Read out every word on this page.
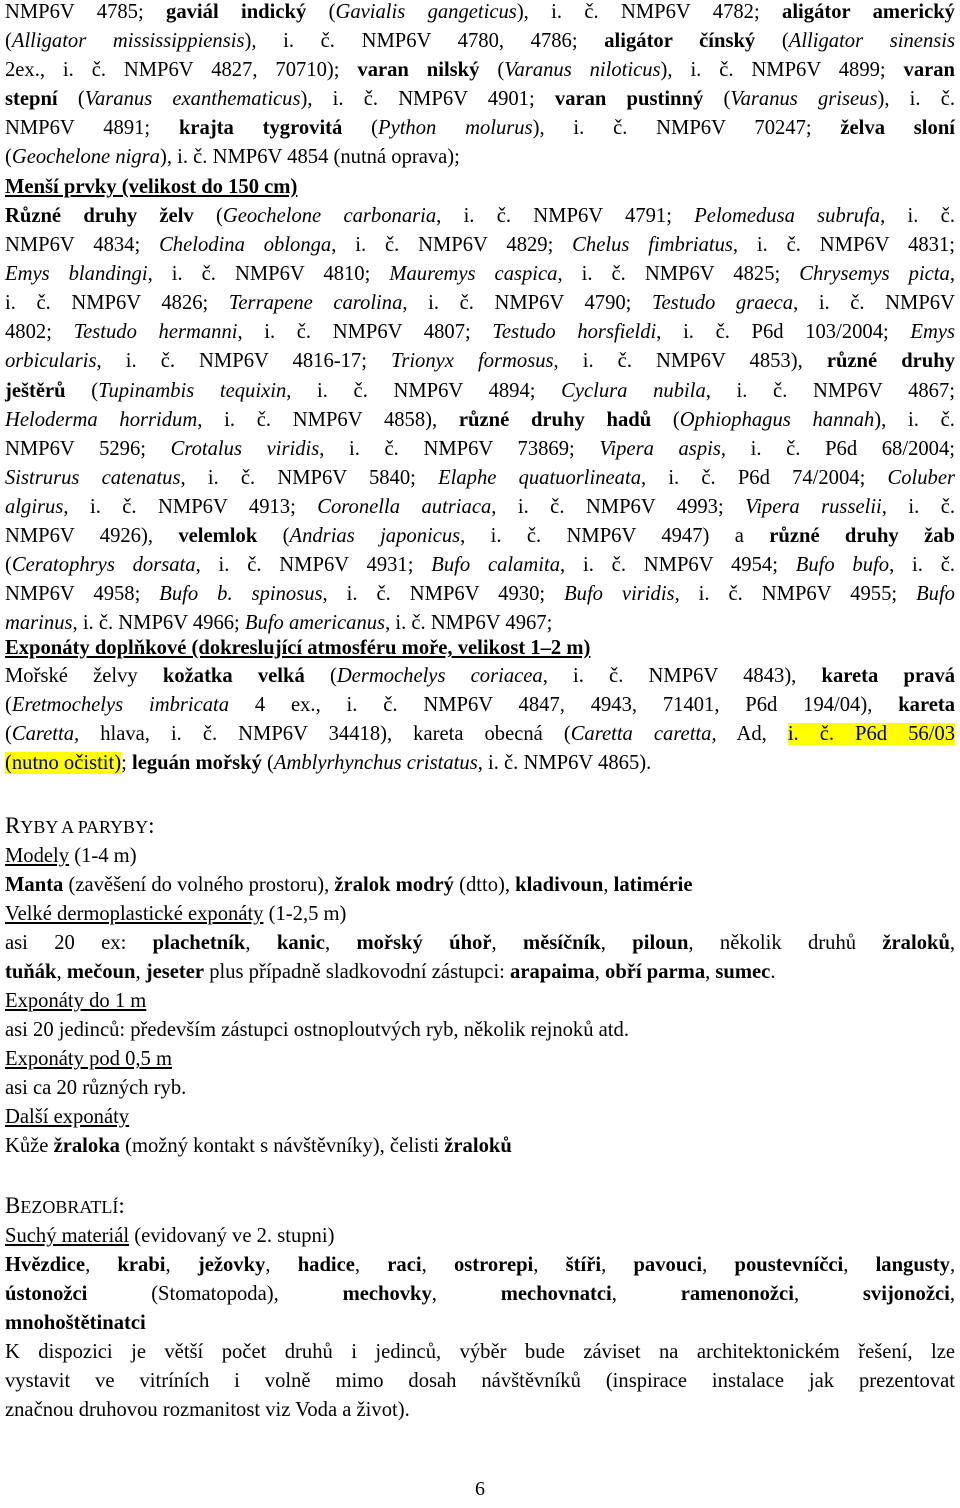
NMP6V 4785; gaviál indický (Gavialis gangeticus), i. č. NMP6V 4782; aligátor americký

(Alligator mississippiensis), i. č. NMP6V 4780, 4786; aligátor čínský (Alligator sinensis

2ex., i. č. NMP6V 4827, 70710); varan nilský (Varanus niloticus), i. č. NMP6V 4899; varan

stepní (Varanus exanthematicus), i. č. NMP6V 4901; varan pustinný (Varanus griseus), i. č.

NMP6V 4891; krajta tygrovitá (Python molurus), i. č. NMP6V 70247; želva sloní

(Geochelone nigra), i. č. NMP6V 4854 (nutná oprava);

Menší prvky (velikost do 150 cm)

Různé druhy želv (Geochelone carbonaria, i. č. NMP6V 4791; Pelomedusa subrufa, i. č.

NMP6V 4834; Chelodina oblonga, i. č. NMP6V 4829; Chelus fimbriatus, i. č. NMP6V 4831;

Emys blandingi, i. č. NMP6V 4810; Mauremys caspica, i. č. NMP6V 4825; Chrysemys picta,

i. č. NMP6V 4826; Terrapene carolina, i. č. NMP6V 4790; Testudo graeca, i. č. NMP6V

4802; Testudo hermanni, i. č. NMP6V 4807; Testudo horsfieldi, i. č. P6d 103/2004; Emys

orbicularis, i. č. NMP6V 4816-17; Trionyx formosus, i. č. NMP6V 4853), různé druhy

ještěrů (Tupinambis tequixin, i. č. NMP6V 4894; Cyclura nubila, i. č. NMP6V 4867;

Heloderma horridum, i. č. NMP6V 4858), různé druhy hadů (Ophiophagus hannah), i. č.

NMP6V 5296; Crotalus viridis, i. č. NMP6V 73869; Vipera aspis, i. č. P6d 68/2004;

Sistrurus catenatus, i. č. NMP6V 5840; Elaphe quatuorlineata, i. č. P6d 74/2004; Coluber

algirus, i. č. NMP6V 4913; Coronella autriaca, i. č. NMP6V 4993; Vipera russelii, i. č.

NMP6V 4926), velemlok (Andrias japonicus, i. č. NMP6V 4947) a různé druhy žab

(Ceratophrys dorsata, i. č. NMP6V 4931; Bufo calamita, i. č. NMP6V 4954; Bufo bufo, i. č.

NMP6V 4958; Bufo b. spinosus, i. č. NMP6V 4930; Bufo viridis, i. č. NMP6V 4955; Bufo

marinus, i. č. NMP6V 4966; Bufo americanus, i. č. NMP6V 4967;

Exponáty doplňkové (dokreslující atmosféru moře, velikost 1–2 m)

Mořské želvy kožatka velká (Dermochelys coriacea, i. č. NMP6V 4843), kareta pravá

(Eretmochelys imbricata 4 ex., i. č. NMP6V 4847, 4943, 71401, P6d 194/04), kareta

(Caretta, hlava, i. č. NMP6V 34418), kareta obecná (Caretta caretta, Ad, i. č. P6d 56/03

(nutno očistit); leguán mořský (Amblyrhynchus cristatus, i. č. NMP6V 4865).

RYBY A PARYBY:

Modely (1-4 m)

Manta (zavěšení do volného prostoru), žralok modrý (dtto), kladivoun, latimérie

Velké dermoplastické exponáty (1-2,5 m)

asi 20 ex: plachetník, kanic, mořský úhoř, měsíčník, piloun, několik druhů žraloků,

tuňák, mečoun, jeseter plus případně sladkovodní zástupci: arapaima, obří parma, sumec.

Exponáty do 1 m

asi 20 jedinců: především zástupci ostnoploutvých ryb, několik rejnoků atd.

Exponáty pod 0,5 m

asi ca 20 různých ryb.

Další exponáty

Kůže žraloka (možný kontakt s návštěvníky), čelisti žraloků

BEZOBRATLÍ:

Suchý materiál (evidovaný ve 2. stupni)

Hvězdice, krabi, ježovky, hadice, raci, ostrorepi, štíři, pavouci, poustevníčci, langusty,

ústonožci (Stomatopoda), mechovky, mechovnatci, ramenonožci, svijonožci,

mnohoštětinatci

K dispozici je větší počet druhů i jedinců, výběr bude záviset na architektonickém řešení, lze

vystavit ve vitríních i volně mimo dosah návštěvníků (inspirace instalace jak prezentovat

značnou druhovou rozmanitost viz Voda a život).

6
